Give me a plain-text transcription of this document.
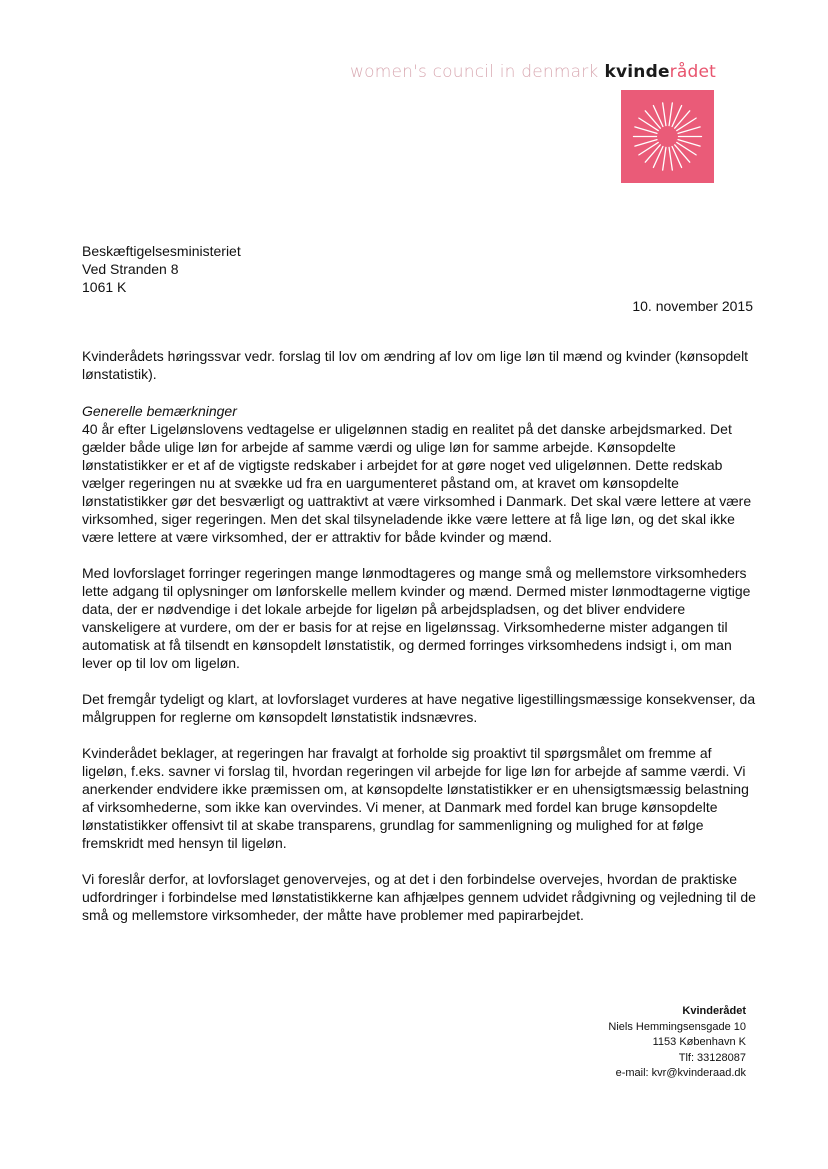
women's council in denmark kvinderådet
Beskæftigelsesministeriet
Ved Stranden 8
1061 K
10. november 2015
Kvinderådets høringssvar vedr. forslag til lov om ændring af lov om lige løn til mænd og kvinder (kønsopdelt lønstatistik).
Generelle bemærkninger

40 år efter Ligelønslovens vedtagelse er uligelønnen stadig en realitet på det danske arbejdsmarked. Det gælder både ulige løn for arbejde af samme værdi og ulige løn for samme arbejde. Kønsopdelte lønstatistikker er et af de vigtigste redskaber i arbejdet for at gøre noget ved uligelønnen. Dette redskab vælger regeringen nu at svække ud fra en uargumenteret påstand om, at kravet om kønsopdelte lønstatistikker gør det besværligt og uattraktivt at være virksomhed i Danmark. Det skal være lettere at være virksomhed, siger regeringen. Men det skal tilsyneladende ikke være lettere at få lige løn, og det skal ikke være lettere at være virksomhed, der er attraktiv for både kvinder og mænd.

Med lovforslaget forringer regeringen mange lønmodtageres og mange små og mellemstore virksomheders lette adgang til oplysninger om lønforskelle mellem kvinder og mænd. Dermed mister lønmodtagerne vigtige data, der er nødvendige i det lokale arbejde for ligeløn på arbejdspladsen, og det bliver endvidere vanskeligere at vurdere, om der er basis for at rejse en ligelønssag. Virksomhederne mister adgangen til automatisk at få tilsendt en kønsopdelt lønstatistik, og dermed forringes virksomhedens indsigt i, om man lever op til lov om ligeløn.

Det fremgår tydeligt og klart, at lovforslaget vurderes at have negative ligestillingsmæssige konsekvenser, da målgruppen for reglerne om kønsopdelt lønstatistik indsnævres.

Kvinderådet beklager, at regeringen har fravalgt at forholde sig proaktivt til spørgsmålet om fremme af ligeløn, f.eks. savner vi forslag til, hvordan regeringen vil arbejde for lige løn for arbejde af samme værdi. Vi anerkender endvidere ikke præmissen om, at kønsopdelte lønstatistikker er en uhensigtsmæssig belastning af virksomhederne, som ikke kan overvindes. Vi mener, at Danmark med fordel kan bruge kønsopdelte lønstatistikker offensivt til at skabe transparens, grundlag for sammenligning og mulighed for at følge fremskridt med hensyn til ligeløn.

Vi foreslår derfor, at lovforslaget genovervejes, og at det i den forbindelse overvejes, hvordan de praktiske udfordringer i forbindelse med lønstatistikkerne kan afhjælpes gennem udvidet rådgivning og vejledning til de små og mellemstore virksomheder, der måtte have problemer med papirarbejdet.

Kvinderådet
Niels Hemmingsensgade 10
1153 København K
Tlf: 33128087
e-mail: kvr@kvinderaad.dk
